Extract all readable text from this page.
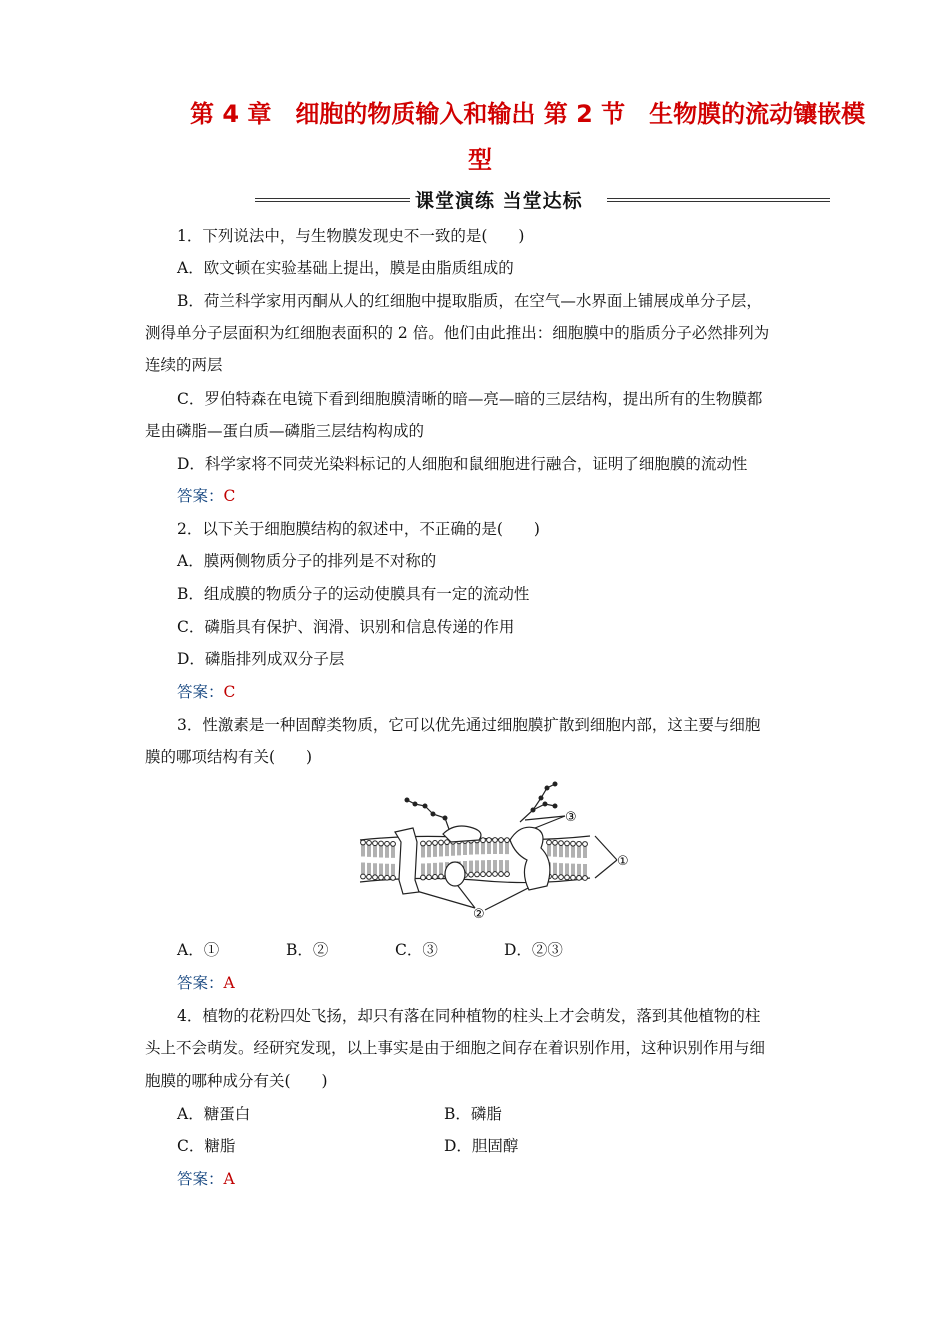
第 4 章　细胞的物质输入和输出 第 2 节　生物膜的流动镶嵌模
型
课堂演练 当堂达标
1．下列说法中，与生物膜发现史不一致的是(　　)
A．欧文顿在实验基础上提出，膜是由脂质组成的
B．荷兰科学家用丙酮从人的红细胞中提取脂质，在空气—水界面上铺展成单分子层，
测得单分子层面积为红细胞表面积的 2 倍。他们由此推出：细胞膜中的脂质分子必然排列为
连续的两层
C．罗伯特森在电镜下看到细胞膜清晰的暗—亮—暗的三层结构，提出所有的生物膜都
是由磷脂—蛋白质—磷脂三层结构构成的
D．科学家将不同荧光染料标记的人细胞和鼠细胞进行融合，证明了细胞膜的流动性
答案：C
2．以下关于细胞膜结构的叙述中，不正确的是(　　)
A．膜两侧物质分子的排列是不对称的
B．组成膜的物质分子的运动使膜具有一定的流动性
C．磷脂具有保护、润滑、识别和信息传递的作用
D．磷脂排列成双分子层
答案：C
3．性激素是一种固醇类物质，它可以优先通过细胞膜扩散到细胞内部，这主要与细胞
膜的哪项结构有关(　　)
①
②
③
A．①	B．②	C．③	D．②③
答案：A
4．植物的花粉四处飞扬，却只有落在同种植物的柱头上才会萌发，落到其他植物的柱
头上不会萌发。经研究发现，以上事实是由于细胞之间存在着识别作用，这种识别作用与细
胞膜的哪种成分有关(　　)
A．糖蛋白	B．磷脂
C．糖脂	D．胆固醇
答案：A
